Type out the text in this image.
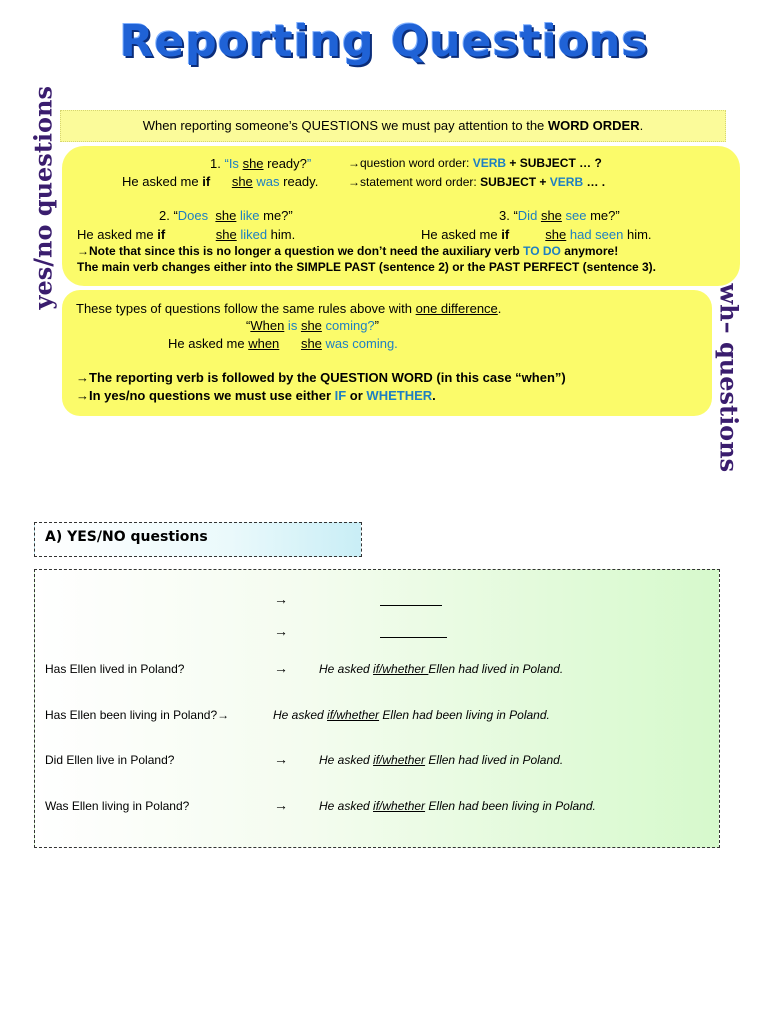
Reporting Questions
When reporting someone’s QUESTIONS we must pay attention to the WORD ORDER.
yes/no questions
wh– questions
1. “Is she ready?”	→question word order: VERB + SUBJECT … ?
He asked me if she was ready. →statement word order: SUBJECT + VERB … .
2. “Does she like me?”	3. “Did she see me?”
He asked me if	she liked him.	He asked me if	she had seen him.
→Note that since this is no longer a question we don’t need the auxiliary verb TO DO anymore!
The main verb changes either into the SIMPLE PAST (sentence 2) or the PAST PERFECT (sentence 3).
These types of questions follow the same rules above with one difference.
“When is she coming?”
He asked me when she was coming.
→The reporting verb is followed by the QUESTION WORD (in this case “when”)
→In yes/no questions we must use either IF or WHETHER.
A) YES/NO questions
→
→
Has Ellen lived in Poland?	→	He asked if/whether Ellen had lived in Poland.
Has Ellen been living in Poland?→	He asked if/whether Ellen had been living in Poland.
Did Ellen live in Poland?	→	He asked if/whether Ellen had lived in Poland.
Was Ellen living in Poland?	→	He asked if/whether Ellen had been living in Poland.
